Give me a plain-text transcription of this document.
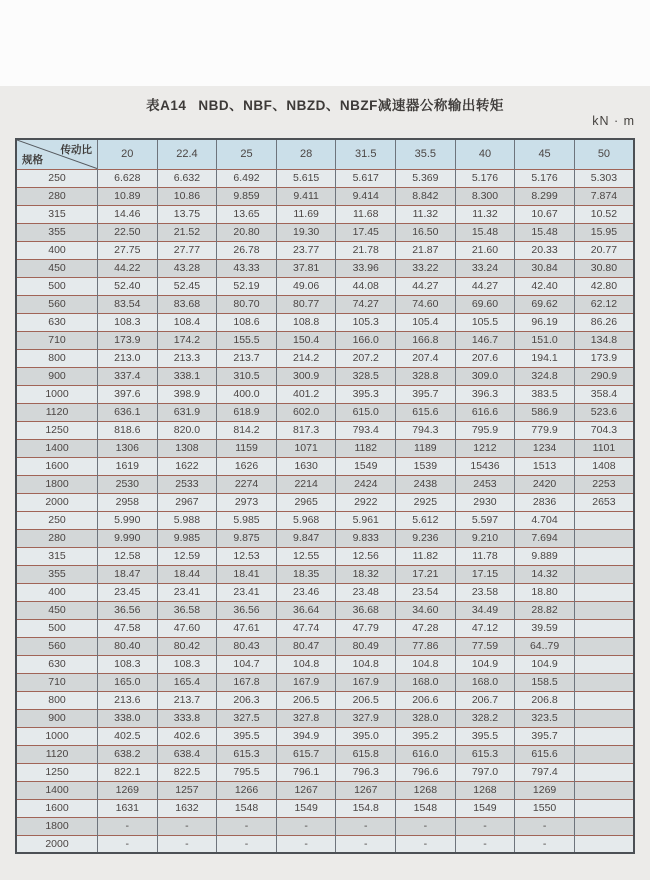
表A14 NBD、NBF、NBZD、NBZF减速器公称输出转矩
kN · m
传动比
规格	20	22.4	25	28	31.5	35.5	40	45	50
250	6.628	6.632	6.492	5.615	5.617	5.369	5.176	5.176	5.303
280	10.89	10.86	9.859	9.411	9.414	8.842	8.300	8.299	7.874
315	14.46	13.75	13.65	11.69	11.68	11.32	11.32	10.67	10.52
355	22.50	21.52	20.80	19.30	17.45	16.50	15.48	15.48	15.95
400	27.75	27.77	26.78	23.77	21.78	21.87	21.60	20.33	20.77
450	44.22	43.28	43.33	37.81	33.96	33.22	33.24	30.84	30.80
500	52.40	52.45	52.19	49.06	44.08	44.27	44.27	42.40	42.80
560	83.54	83.68	80.70	80.77	74.27	74.60	69.60	69.62	62.12
630	108.3	108.4	108.6	108.8	105.3	105.4	105.5	96.19	86.26
710	173.9	174.2	155.5	150.4	166.0	166.8	146.7	151.0	134.8
800	213.0	213.3	213.7	214.2	207.2	207.4	207.6	194.1	173.9
900	337.4	338.1	310.5	300.9	328.5	328.8	309.0	324.8	290.9
1000	397.6	398.9	400.0	401.2	395.3	395.7	396.3	383.5	358.4
1120	636.1	631.9	618.9	602.0	615.0	615.6	616.6	586.9	523.6
1250	818.6	820.0	814.2	817.3	793.4	794.3	795.9	779.9	704.3
1400	1306	1308	1159	1071	1182	1189	1212	1234	1101
1600	1619	1622	1626	1630	1549	1539	15436	1513	1408
1800	2530	2533	2274	2214	2424	2438	2453	2420	2253
2000	2958	2967	2973	2965	2922	2925	2930	2836	2653
250	5.990	5.988	5.985	5.968	5.961	5.612	5.597	4.704	
280	9.990	9.985	9.875	9.847	9.833	9.236	9.210	7.694	
315	12.58	12.59	12.53	12.55	12.56	11.82	11.78	9.889	
355	18.47	18.44	18.41	18.35	18.32	17.21	17.15	14.32	
400	23.45	23.41	23.41	23.46	23.48	23.54	23.58	18.80	
450	36.56	36.58	36.56	36.64	36.68	34.60	34.49	28.82	
500	47.58	47.60	47.61	47.74	47.79	47.28	47.12	39.59	
560	80.40	80.42	80.43	80.47	80.49	77.86	77.59	64..79	
630	108.3	108.3	104.7	104.8	104.8	104.8	104.9	104.9	
710	165.0	165.4	167.8	167.9	167.9	168.0	168.0	158.5	
800	213.6	213.7	206.3	206.5	206.5	206.6	206.7	206.8	
900	338.0	333.8	327.5	327.8	327.9	328.0	328.2	323.5	
1000	402.5	402.6	395.5	394.9	395.0	395.2	395.5	395.7	
1120	638.2	638.4	615.3	615.7	615.8	616.0	615.3	615.6	
1250	822.1	822.5	795.5	796.1	796.3	796.6	797.0	797.4	
1400	1269	1257	1266	1267	1267	1268	1268	1269	
1600	1631	1632	1548	1549	154.8	1548	1549	1550	
1800	-	-	-	-	-	-	-	-	
2000	-	-	-	-	-	-	-	-	
